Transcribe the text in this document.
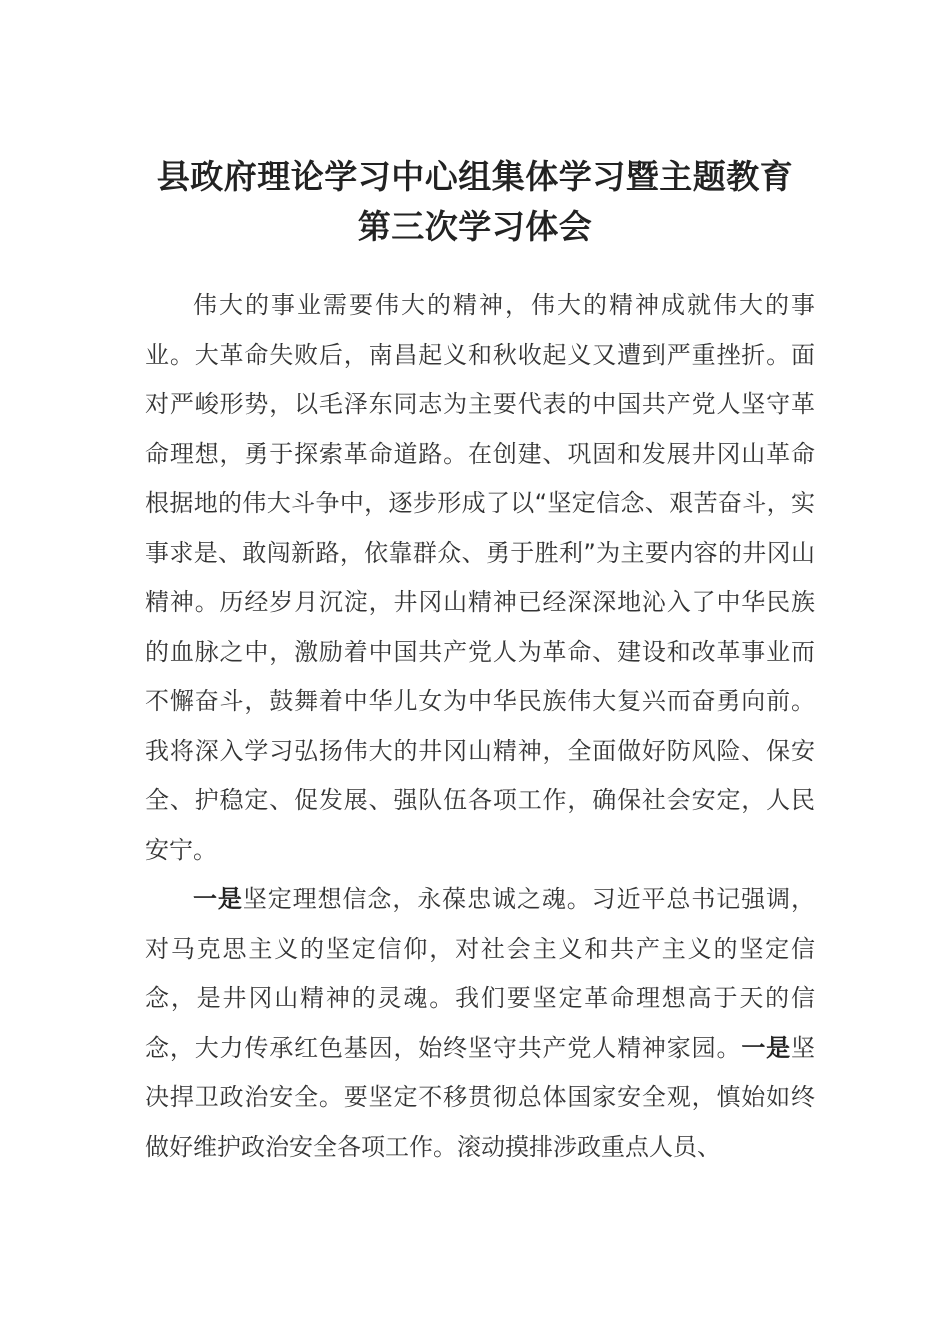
县政府理论学习中心组集体学习暨主题教育
第三次学习体会

伟大的事业需要伟大的精神，伟大的精神成就伟大的事业。大革命失败后，南昌起义和秋收起义又遭到严重挫折。面对严峻形势，以毛泽东同志为主要代表的中国共产党人坚守革命理想，勇于探索革命道路。在创建、巩固和发展井冈山革命根据地的伟大斗争中，逐步形成了以“坚定信念、艰苦奋斗，实事求是、敢闯新路，依靠群众、勇于胜利”为主要内容的井冈山精神。历经岁月沉淀，井冈山精神已经深深地沁入了中华民族的血脉之中，激励着中国共产党人为革命、建设和改革事业而不懈奋斗，鼓舞着中华儿女为中华民族伟大复兴而奋勇向前。我将深入学习弘扬伟大的井冈山精神，全面做好防风险、保安全、护稳定、促发展、强队伍各项工作，确保社会安定，人民安宁。

一是坚定理想信念，永葆忠诚之魂。习近平总书记强调，对马克思主义的坚定信仰，对社会主义和共产主义的坚定信念，是井冈山精神的灵魂。我们要坚定革命理想高于天的信念，大力传承红色基因，始终坚守共产党人精神家园。一是坚决捍卫政治安全。要坚定不移贯彻总体国家安全观，慎始如终做好维护政治安全各项工作。滚动摸排涉政重点人员、
